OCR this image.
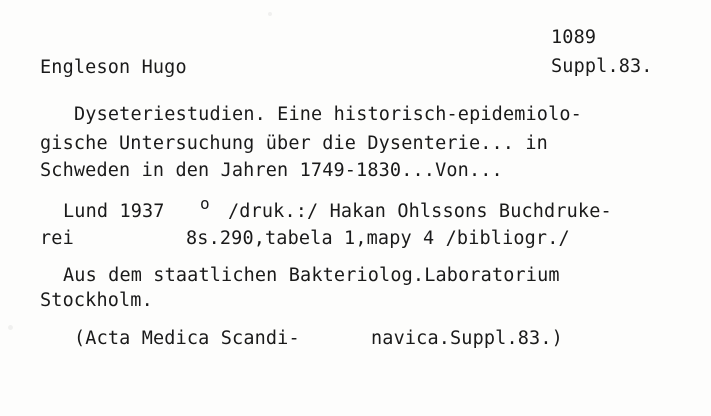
1089
Suppl.83.
Engleson Hugo
Dyseteriestudien. Eine historisch-epidemiolo-
gische Untersuchung über die Dysenterie... in
Schweden in den Jahren 1749-1830...Von...
Lund 1937 o /druk.:/ Hakan Ohlssons Buchdruke-
rei	8s.290,tabela 1,mapy 4 /bibliogr./
Aus dem staatlichen Bakteriolog.Laboratorium
Stockholm.
(Acta Medica Scandi-	navica.Suppl.83.)
